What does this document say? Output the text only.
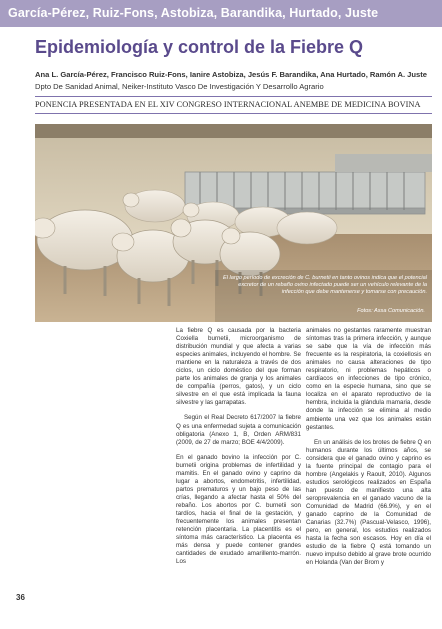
García-Pérez, Ruiz-Fons, Astobiza, Barandika, Hurtado, Juste
Epidemiología y control de la Fiebre Q
Ana L. García-Pérez, Francisco Ruiz-Fons, Ianire Astobiza, Jesús F. Barandika, Ana Hurtado, Ramón A. Juste
Dpto De Sanidad Animal, Neiker-Instituto Vasco De Investigación Y Desarrollo Agrario
PONENCIA PRESENTADA EN EL XIV CONGRESO INTERNACIONAL ANEMBE DE MEDICINA BOVINA
El largo período de excreción de C. burnetii en tanto ovinos indica que el potencial excretor de un rebaño ovino infectado puede ser un vehículo relevante de la infección que debe mantenerse y tomarse con precaución.
Fotos: Assa Comunicación.

La fiebre Q es causada por la bacteria Coxiella burnetii, microorganismo de distribución mundial y que afecta a varias especies animales, incluyendo el hombre. Se mantiene en la naturaleza a través de dos ciclos, un ciclo doméstico del que forman parte los animales de granja y los animales de compañía (perros, gatos), y un ciclo silvestre en el que está implicada la fauna silvestre y las garrapatas.

Según el Real Decreto 617/2007 la fiebre Q es una enfermedad sujeta a comunicación obligatoria (Anexo 1, B, Orden ARM/831 (2009, de 27 de marzo; BOE 4/4/2009).

En el ganado bovino la infección por C. burnetii origina problemas de infertilidad y mamitis. En el ganado ovino y caprino da lugar a abortos, endometritis, infertilidad, partos prematuros y un bajo peso de las crías, llegando a afectar hasta el 50% del rebaño. Los abortos por C. burnetii son tardíos, hacia el final de la gestación, y frecuentemente los animales presentan retención placentaria. La placentitis es el síntoma más característico. La placenta es más densa y puede contener grandes cantidades de exudado amarillento-marrón. Los

animales no gestantes raramente muestran síntomas tras la primera infección, y aunque se sabe que la vía de infección más frecuente es la respiratoria, la coxiellosis en animales no causa alteraciones de tipo respiratorio, ni problemas hepáticos o cardíacos en infecciones de tipo crónico, como en la especie humana, sino que se localiza en el aparato reproductivo de la hembra, incluida la glándula mamaria, desde donde la infección se elimina al medio ambiente una vez que los animales están gestantes.

En un análisis de los brotes de fiebre Q en humanos durante los últimos años, se considera que el ganado ovino y caprino es la fuente principal de contagio para el hombre (Angelakis y Raoult, 2010). Algunos estudios serológicos realizados en España han puesto de manifiesto una alta seroprevalencia en el ganado vacuno de la Comunidad de Madrid (66.9%), y en el ganado caprino de la Comunidad de Canarias (32.7%) (Pascual-Velasco, 1996), pero, en general, los estudios realizados hasta la fecha son escasos. Hoy en día el estudio de la fiebre Q está tomando un nuevo impulso debido al grave brote ocurrido en Holanda (Van der Brom y

36
